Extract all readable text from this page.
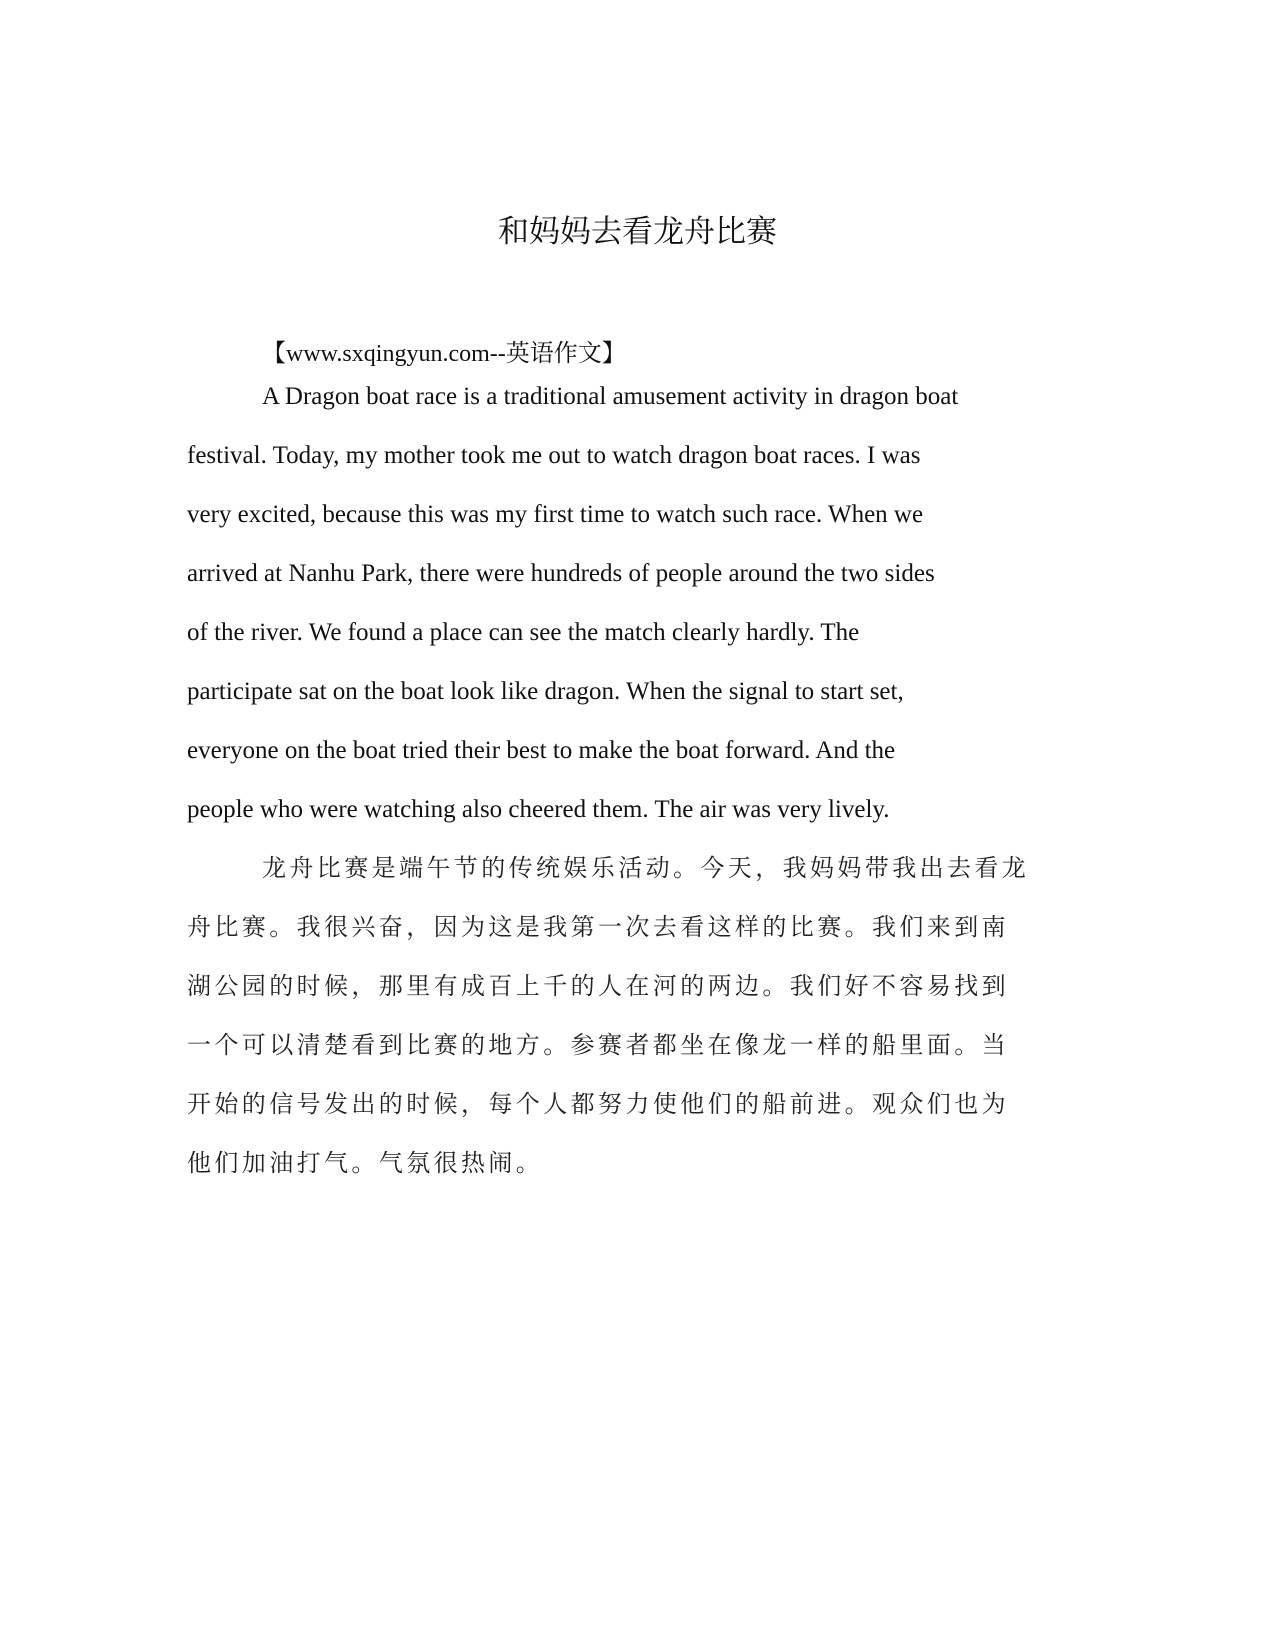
和妈妈去看龙舟比赛
【www.sxqingyun.com--英语作文】
A Dragon boat race is a traditional amusement activity in dragon boat
festival. Today, my mother took me out to watch dragon boat races. I was
very excited, because this was my first time to watch such race. When we
arrived at Nanhu Park, there were hundreds of people around the two sides
of the river. We found a place can see the match clearly hardly. The
participate sat on the boat look like dragon. When the signal to start set,
everyone on the boat tried their best to make the boat forward. And the
people who were watching also cheered them. The air was very lively.
龙舟比赛是端午节的传统娱乐活动。今天，我妈妈带我出去看龙
舟比赛。我很兴奋，因为这是我第一次去看这样的比赛。我们来到南
湖公园的时候，那里有成百上千的人在河的两边。我们好不容易找到
一个可以清楚看到比赛的地方。参赛者都坐在像龙一样的船里面。当
开始的信号发出的时候，每个人都努力使他们的船前进。观众们也为
他们加油打气。气氛很热闹。
